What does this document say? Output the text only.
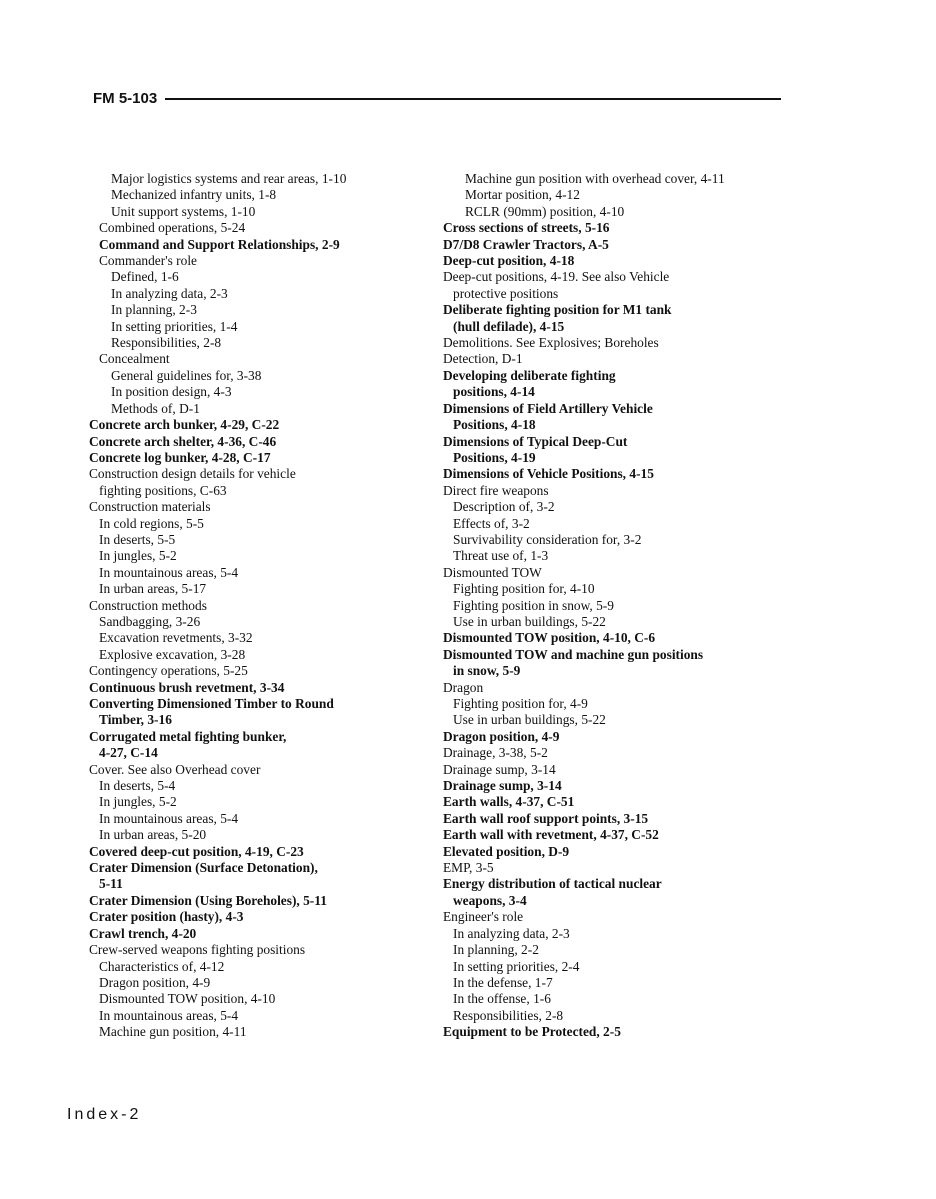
FM 5-103
Major logistics systems and rear areas, 1-10
Mechanized infantry units, 1-8
Unit support systems, 1-10
Combined operations, 5-24
Command and Support Relationships, 2-9
Commander's role
Defined, 1-6
In analyzing data, 2-3
In planning, 2-3
In setting priorities, 1-4
Responsibilities, 2-8
Concealment
General guidelines for, 3-38
In position design, 4-3
Methods of, D-1
Concrete arch bunker, 4-29, C-22
Concrete arch shelter, 4-36, C-46
Concrete log bunker, 4-28, C-17
Construction design details for vehicle
fighting positions, C-63
Construction materials
In cold regions, 5-5
In deserts, 5-5
In jungles, 5-2
In mountainous areas, 5-4
In urban areas, 5-17
Construction methods
Sandbagging, 3-26
Excavation revetments, 3-32
Explosive excavation, 3-28
Contingency operations, 5-25
Continuous brush revetment, 3-34
Converting Dimensioned Timber to Round
Timber, 3-16
Corrugated metal fighting bunker,
4-27, C-14
Cover. See also Overhead cover
In deserts, 5-4
In jungles, 5-2
In mountainous areas, 5-4
In urban areas, 5-20
Covered deep-cut position, 4-19, C-23
Crater Dimension (Surface Detonation),
5-11
Crater Dimension (Using Boreholes), 5-11
Crater position (hasty), 4-3
Crawl trench, 4-20
Crew-served weapons fighting positions
Characteristics of, 4-12
Dragon position, 4-9
Dismounted TOW position, 4-10
In mountainous areas, 5-4
Machine gun position, 4-11
Machine gun position with overhead cover, 4-11
Mortar position, 4-12
RCLR (90mm) position, 4-10
Cross sections of streets, 5-16
D7/D8 Crawler Tractors, A-5
Deep-cut position, 4-18
Deep-cut positions, 4-19. See also Vehicle
protective positions
Deliberate fighting position for M1 tank
(hull defilade), 4-15
Demolitions. See Explosives; Boreholes
Detection, D-1
Developing deliberate fighting
positions, 4-14
Dimensions of Field Artillery Vehicle
Positions, 4-18
Dimensions of Typical Deep-Cut
Positions, 4-19
Dimensions of Vehicle Positions, 4-15
Direct fire weapons
Description of, 3-2
Effects of, 3-2
Survivability consideration for, 3-2
Threat use of, 1-3
Dismounted TOW
Fighting position for, 4-10
Fighting position in snow, 5-9
Use in urban buildings, 5-22
Dismounted TOW position, 4-10, C-6
Dismounted TOW and machine gun positions
in snow, 5-9
Dragon
Fighting position for, 4-9
Use in urban buildings, 5-22
Dragon position, 4-9
Drainage, 3-38, 5-2
Drainage sump, 3-14
Drainage sump, 3-14
Earth walls, 4-37, C-51
Earth wall roof support points, 3-15
Earth wall with revetment, 4-37, C-52
Elevated position, D-9
EMP, 3-5
Energy distribution of tactical nuclear
weapons, 3-4
Engineer's role
In analyzing data, 2-3
In planning, 2-2
In setting priorities, 2-4
In the defense, 1-7
In the offense, 1-6
Responsibilities, 2-8
Equipment to be Protected, 2-5
Index-2
